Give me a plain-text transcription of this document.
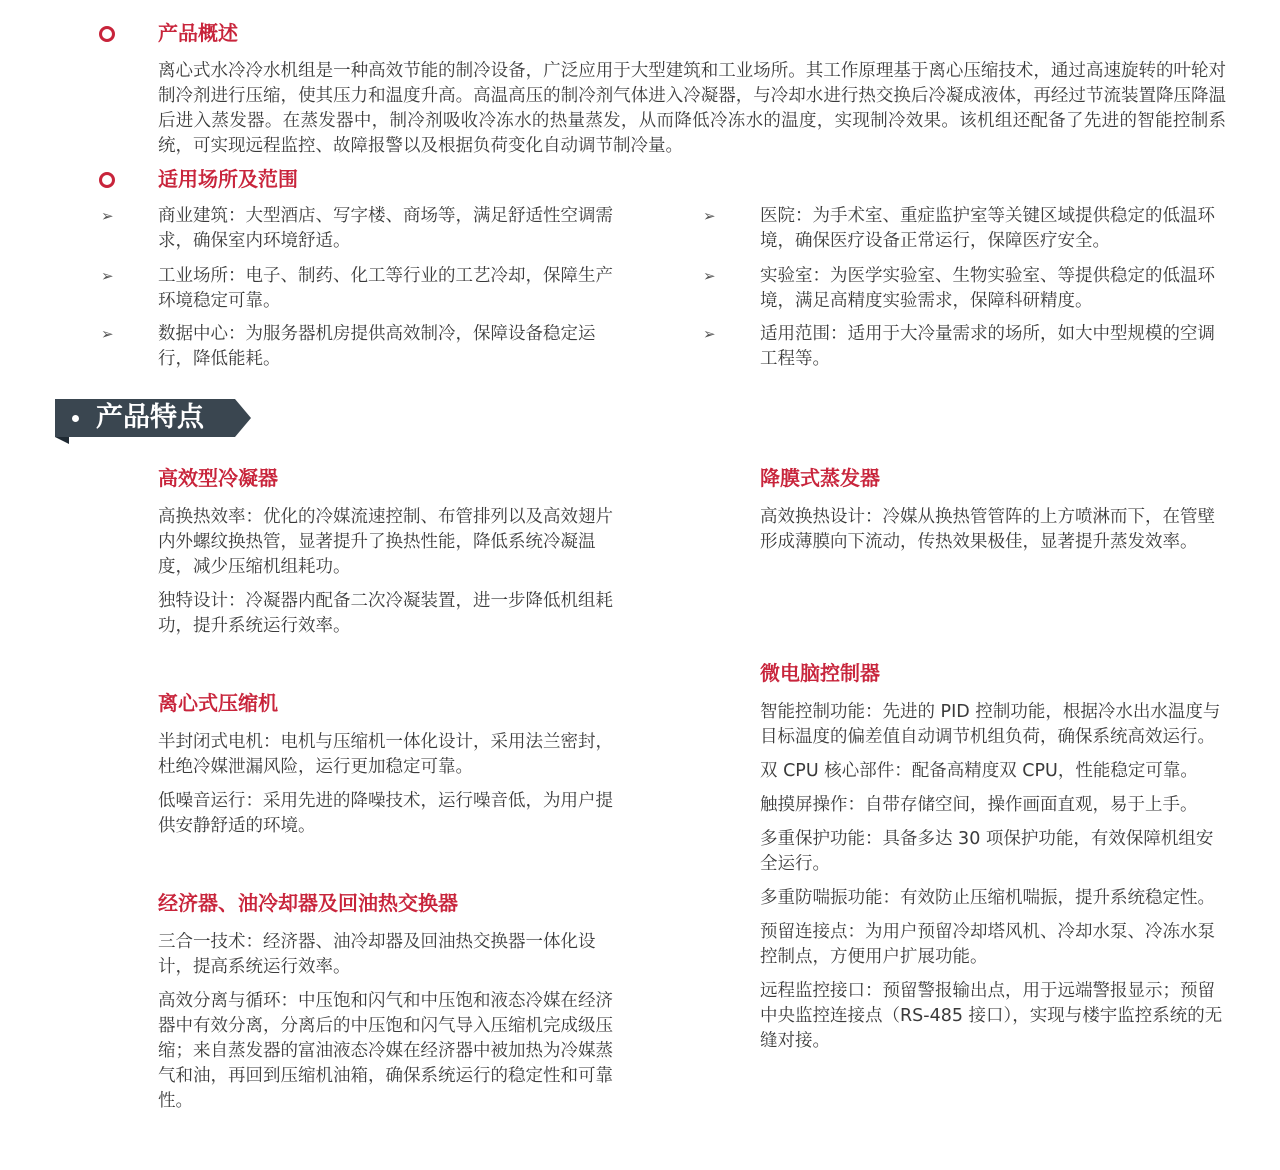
产品概述

离心式水冷冷水机组是一种高效节能的制冷设备，广泛应用于大型建筑和工业场所。其工作原理基于离心压缩技术，通过高速旋转的叶轮对制冷剂进行压缩，使其压力和温度升高。高温高压的制冷剂气体进入冷凝器，与冷却水进行热交换后冷凝成液体，再经过节流装置降压降温后进入蒸发器。在蒸发器中，制冷剂吸收冷冻水的热量蒸发，从而降低冷冻水的温度，实现制冷效果。该机组还配备了先进的智能控制系统，可实现远程监控、故障报警以及根据负荷变化自动调节制冷量。

适用场所及范围
➢	商业建筑：大型酒店、写字楼、商场等，满足舒适性空调需求，确保室内环境舒适。

➢	工业场所：电子、制药、化工等行业的工艺冷却，保障生产环境稳定可靠。

➢	数据中心：为服务器机房提供高效制冷，保障设备稳定运行，降低能耗。

➢	医院：为手术室、重症监护室等关键区域提供稳定的低温环境，确保医疗设备正常运行，保障医疗安全。

➢	实验室：为医学实验室、生物实验室、等提供稳定的低温环境，满足高精度实验需求，保障科研精度。

➢	适用范围：适用于大冷量需求的场所，如大中型规模的空调工程等。

产品特点
高效型冷凝器

高换热效率：优化的冷媒流速控制、布管排列以及高效翅片内外螺纹换热管，显著提升了换热性能，降低系统冷凝温度，减少压缩机组耗功。

独特设计：冷凝器内配备二次冷凝装置，进一步降低机组耗功，提升系统运行效率。

离心式压缩机

半封闭式电机：电机与压缩机一体化设计，采用法兰密封，杜绝冷媒泄漏风险，运行更加稳定可靠。

低噪音运行：采用先进的降噪技术，运行噪音低，为用户提供安静舒适的环境。

经济器、油冷却器及回油热交换器

三合一技术：经济器、油冷却器及回油热交换器一体化设计，提高系统运行效率。

高效分离与循环：中压饱和闪气和中压饱和液态冷媒在经济器中有效分离，分离后的中压饱和闪气导入压缩机完成级压缩；来自蒸发器的富油液态冷媒在经济器中被加热为冷媒蒸气和油，再回到压缩机油箱，确保系统运行的稳定性和可靠性。

降膜式蒸发器

高效换热设计：冷媒从换热管管阵的上方喷淋而下，在管壁形成薄膜向下流动，传热效果极佳，显著提升蒸发效率。

微电脑控制器

智能控制功能：先进的 PID 控制功能，根据冷水出水温度与目标温度的偏差值自动调节机组负荷，确保系统高效运行。

双 CPU 核心部件：配备高精度双 CPU，性能稳定可靠。

触摸屏操作：自带存储空间，操作画面直观，易于上手。

多重保护功能：具备多达 30 项保护功能，有效保障机组安全运行。

多重防喘振功能：有效防止压缩机喘振，提升系统稳定性。

预留连接点：为用户预留冷却塔风机、冷却水泵、冷冻水泵控制点，方便用户扩展功能。

远程监控接口：预留警报输出点，用于远端警报显示；预留中央监控连接点（RS-485 接口），实现与楼宇监控系统的无缝对接。
